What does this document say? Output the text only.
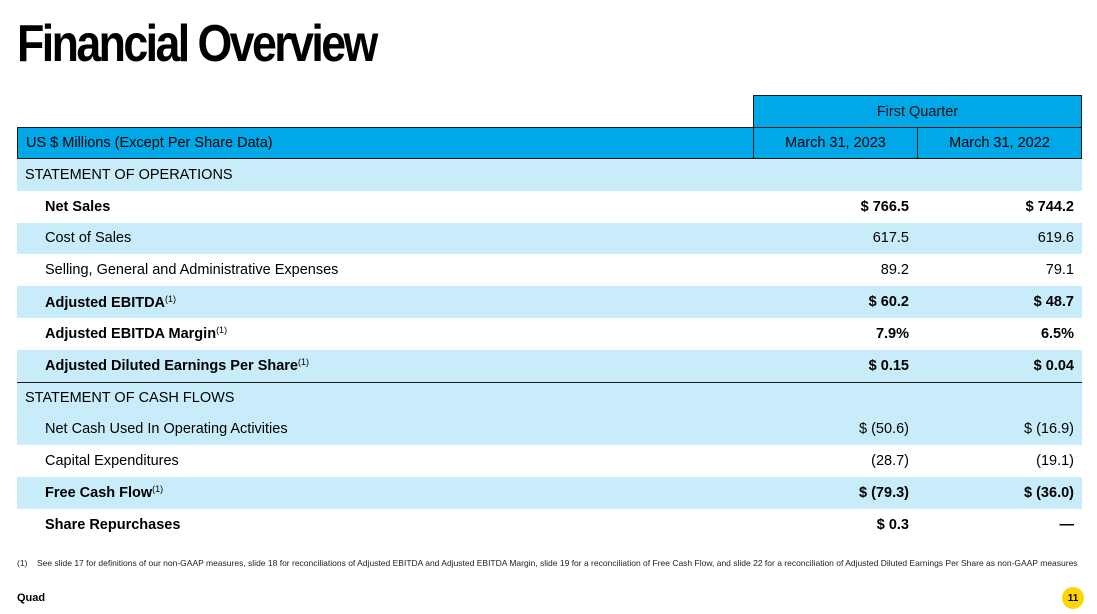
Financial Overview
First Quarter
US $ Millions (Except Per Share Data)	March 31, 2023	March 31, 2022
STATEMENT OF OPERATIONS
Net Sales	$ 766.5	$ 744.2
Cost of Sales	617.5	619.6
Selling, General and Administrative Expenses	89.2	79.1
Adjusted EBITDA$^{(1)}$	$ 60.2	$ 48.7
Adjusted EBITDA Margin$^{(1)}$	7.9%	6.5%
Adjusted Diluted Earnings Per Share$^{(1)}$	$ 0.15	$ 0.04
STATEMENT OF CASH FLOWS
Net Cash Used In Operating Activities	$ (50.6)	$ (16.9)
Capital Expenditures	(28.7)	(19.1)
Free Cash Flow$^{(1)}$	$ (79.3)	$ (36.0)
Share Repurchases	$ 0.3	—
(1)	See slide 17 for definitions of our non-GAAP measures, slide 18 for reconciliations of Adjusted EBITDA and Adjusted EBITDA Margin, slide 19 for a reconciliation of Free Cash Flow, and slide 22 for a reconciliation of Adjusted Diluted Earnings Per Share as non-GAAP measures
Quad	11
